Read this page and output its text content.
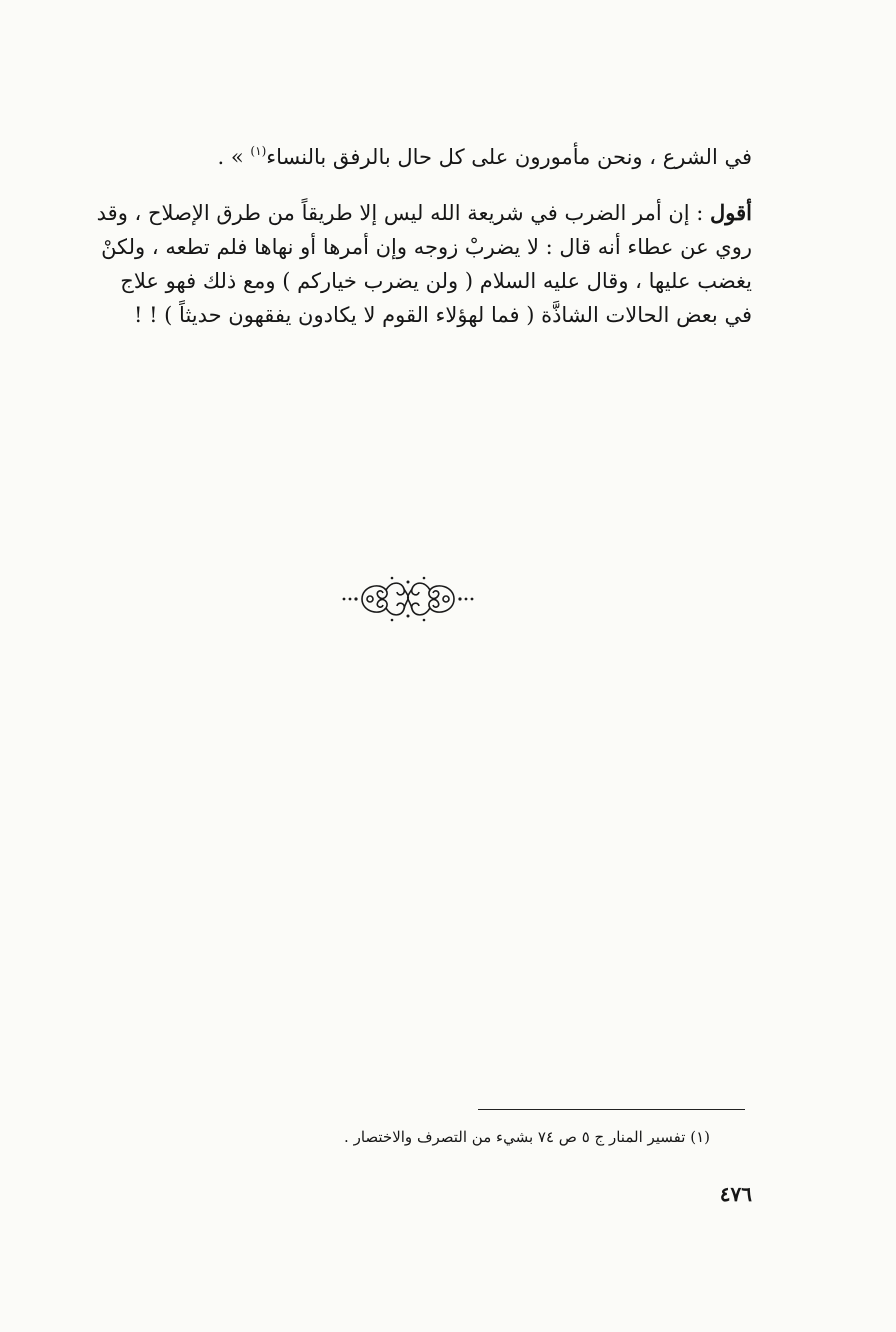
في الشرع ، ونحن مأمورون على كل حال بالرفق بالنساء$^{(١)}$ » .
أقول : إن أمر الضرب في شريعة الله ليس إلا طريقاً من طرق الإصلاح ، وقد
روي عن عطاء أنه قال : لا يضربْ زوجه وإن أمرها أو نهاها فلم تطعه ، ولكنْ
يغضب عليها ، وقال عليه السلام ( ولن يضرب خياركم ) ومع ذلك فهو علاج
في بعض الحالات الشاذَّة ( فما لهؤلاء القوم لا يكادون يفقهون حديثاً ) ! !
(١) تفسير المنار ج ٥ ص ٧٤ بشيء من التصرف والاختصار .
٤٧٦
